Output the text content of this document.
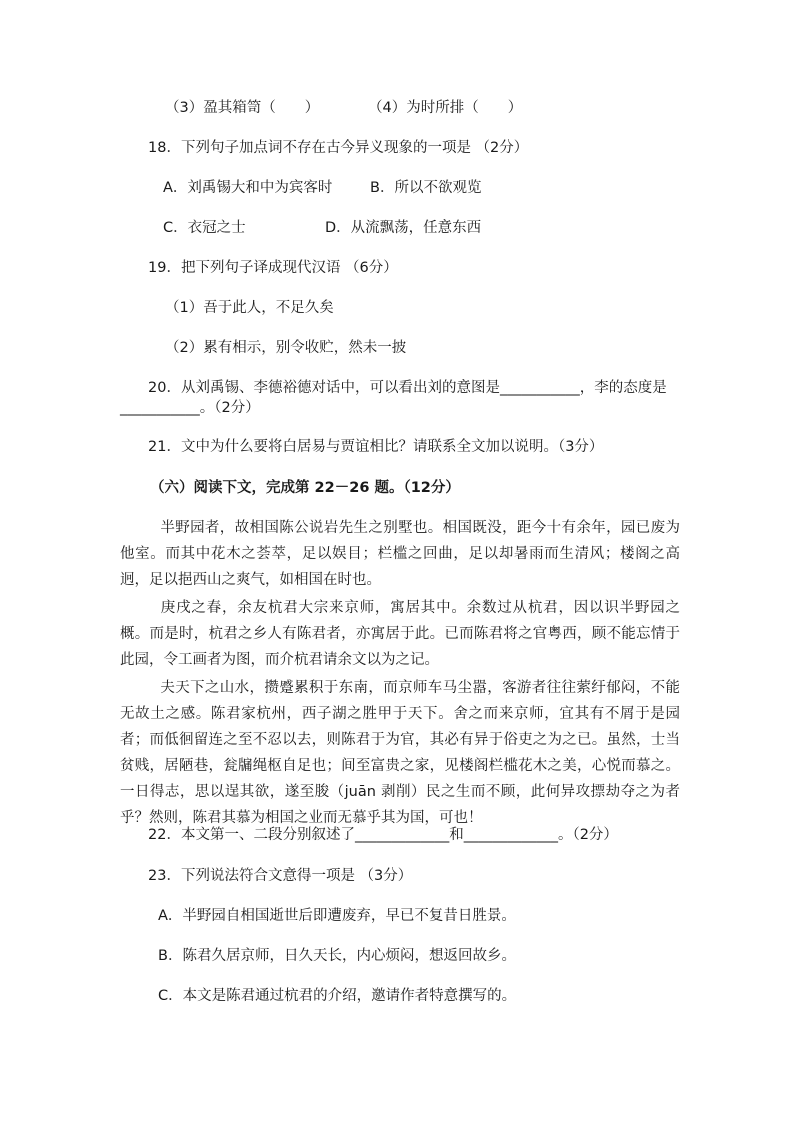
（3）盈其箱笥（　　）	（4）为时所排（　　）
18．下列句子加点词不存在古今异义现象的一项是 （2分）
A．刘禹锡大和中为宾客时	B．所以不欲观览
C．衣冠之士	D．从流飘荡，任意东西
19．把下列句子译成现代汉语 （6分）
（1）吾于此人，不足久矣
（2）累有相示，别令收贮，然未一披
20．从刘禹锡、李德裕德对话中，可以看出刘的意图是___________，李的态度是
___________。（2分）
21．文中为什么要将白居易与贾谊相比？请联系全文加以说明。（3分）
（六）阅读下文，完成第 22－26 题。（12分）
半野园者，故相国陈公说岩先生之别墅也。相国既没，距今十有余年，园已废为他室。而其中花木之荟萃，足以娱目；栏槛之回曲，足以却暑雨而生清风；楼阁之高迥，足以挹西山之爽气，如相国在时也。
庚戌之春，余友杭君大宗来京师，寓居其中。余数过从杭君，因以识半野园之概。而是时，杭君之乡人有陈君者，亦寓居于此。已而陈君将之官粤西，顾不能忘情于此园，令工画者为图，而介杭君请余文以为之记。
夫天下之山水，攒蹙累积于东南，而京师车马尘嚣，客游者往往萦纡郁闷，不能无故土之感。陈君家杭州，西子湖之胜甲于天下。舍之而来京师，宜其有不屑于是园者；而低徊留连之至不忍以去，则陈君于为官，其必有异于俗吏之为之已。虽然，士当贫贱，居陋巷，瓮牖绳枢自足也；间至富贵之家，见楼阁栏槛花木之美，心悦而慕之。一日得志，思以逞其欲，遂至朘（juān 剥削）民之生而不顾，此何异攻摽劫夺之为者乎？然则，陈君其慕为相国之业而无慕乎其为国，可也！
22．本文第一、二段分别叙述了_____________和_____________。（2分）
23．下列说法符合文意得一项是 （3分）
A．半野园自相国逝世后即遭废弃，早已不复昔日胜景。
B．陈君久居京师，日久天长，内心烦闷，想返回故乡。
C．本文是陈君通过杭君的介绍，邀请作者特意撰写的。
